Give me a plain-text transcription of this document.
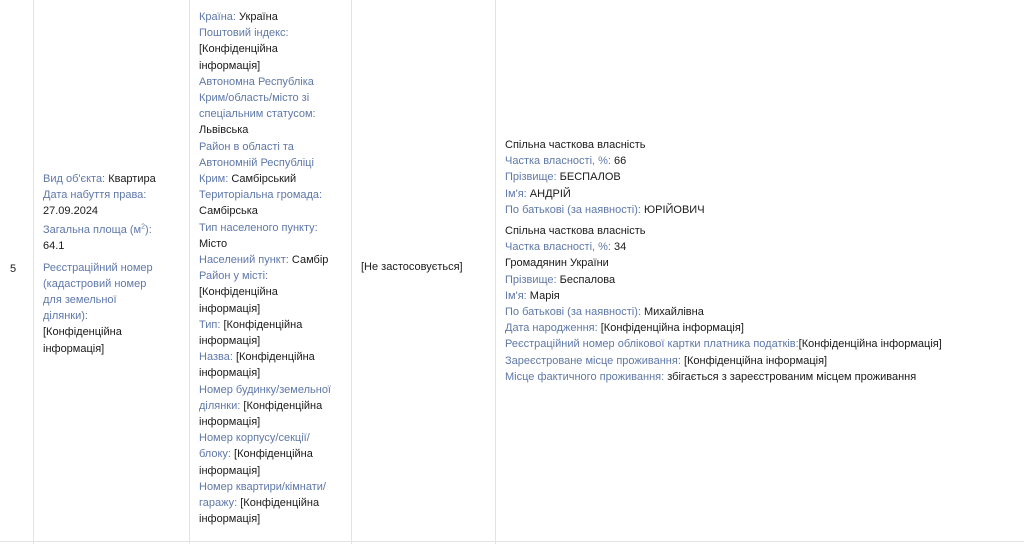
5

Вид об'єкта: Квартира

Дата набуття права:

27.09.2024

Загальна площа $(м^2)$:

64.1

Реєстраційний номер

(кадастровий номер

для земельної

ділянки):

[Конфіденційна

інформація]

Країна: Україна

Поштовий індекс:

[Конфіденційна

інформація]

Автономна Республіка

Крим/область/місто зі

спеціальним статусом:

Львівська

Район в області та

Автономній Республіці

Крим: Самбірський

Територіальна громада:

Самбірська

Тип населеного пункту:

Місто

Населений пункт: Самбір

Район у місті:

[Конфіденційна

інформація]

Тип: [Конфіденційна

інформація]

Назва: [Конфіденційна

інформація]

Номер будинку/земельної

ділянки: [Конфіденційна

інформація]

Номер корпусу/секції/

блоку: [Конфіденційна

інформація]

Номер квартири/кімнати/

гаражу: [Конфіденційна

інформація]

[Не застосовується]

Спільна часткова власність

Частка власності, %: 66

Прізвище: БЕСПАЛОВ

Ім'я: АНДРІЙ

По батькові (за наявності): ЮРІЙОВИЧ

Спільна часткова власність

Частка власності, %: 34

Громадянин України

Прізвище: Беспалова

Ім'я: Марія

По батькові (за наявності): Михайлівна

Дата народження: [Конфіденційна інформація]

Реєстраційний номер облікової картки платника податків:[Конфіденційна інформація]

Зареєстроване місце проживання: [Конфіденційна інформація]

Місце фактичного проживання: збігається з зареєстрованим місцем проживання
